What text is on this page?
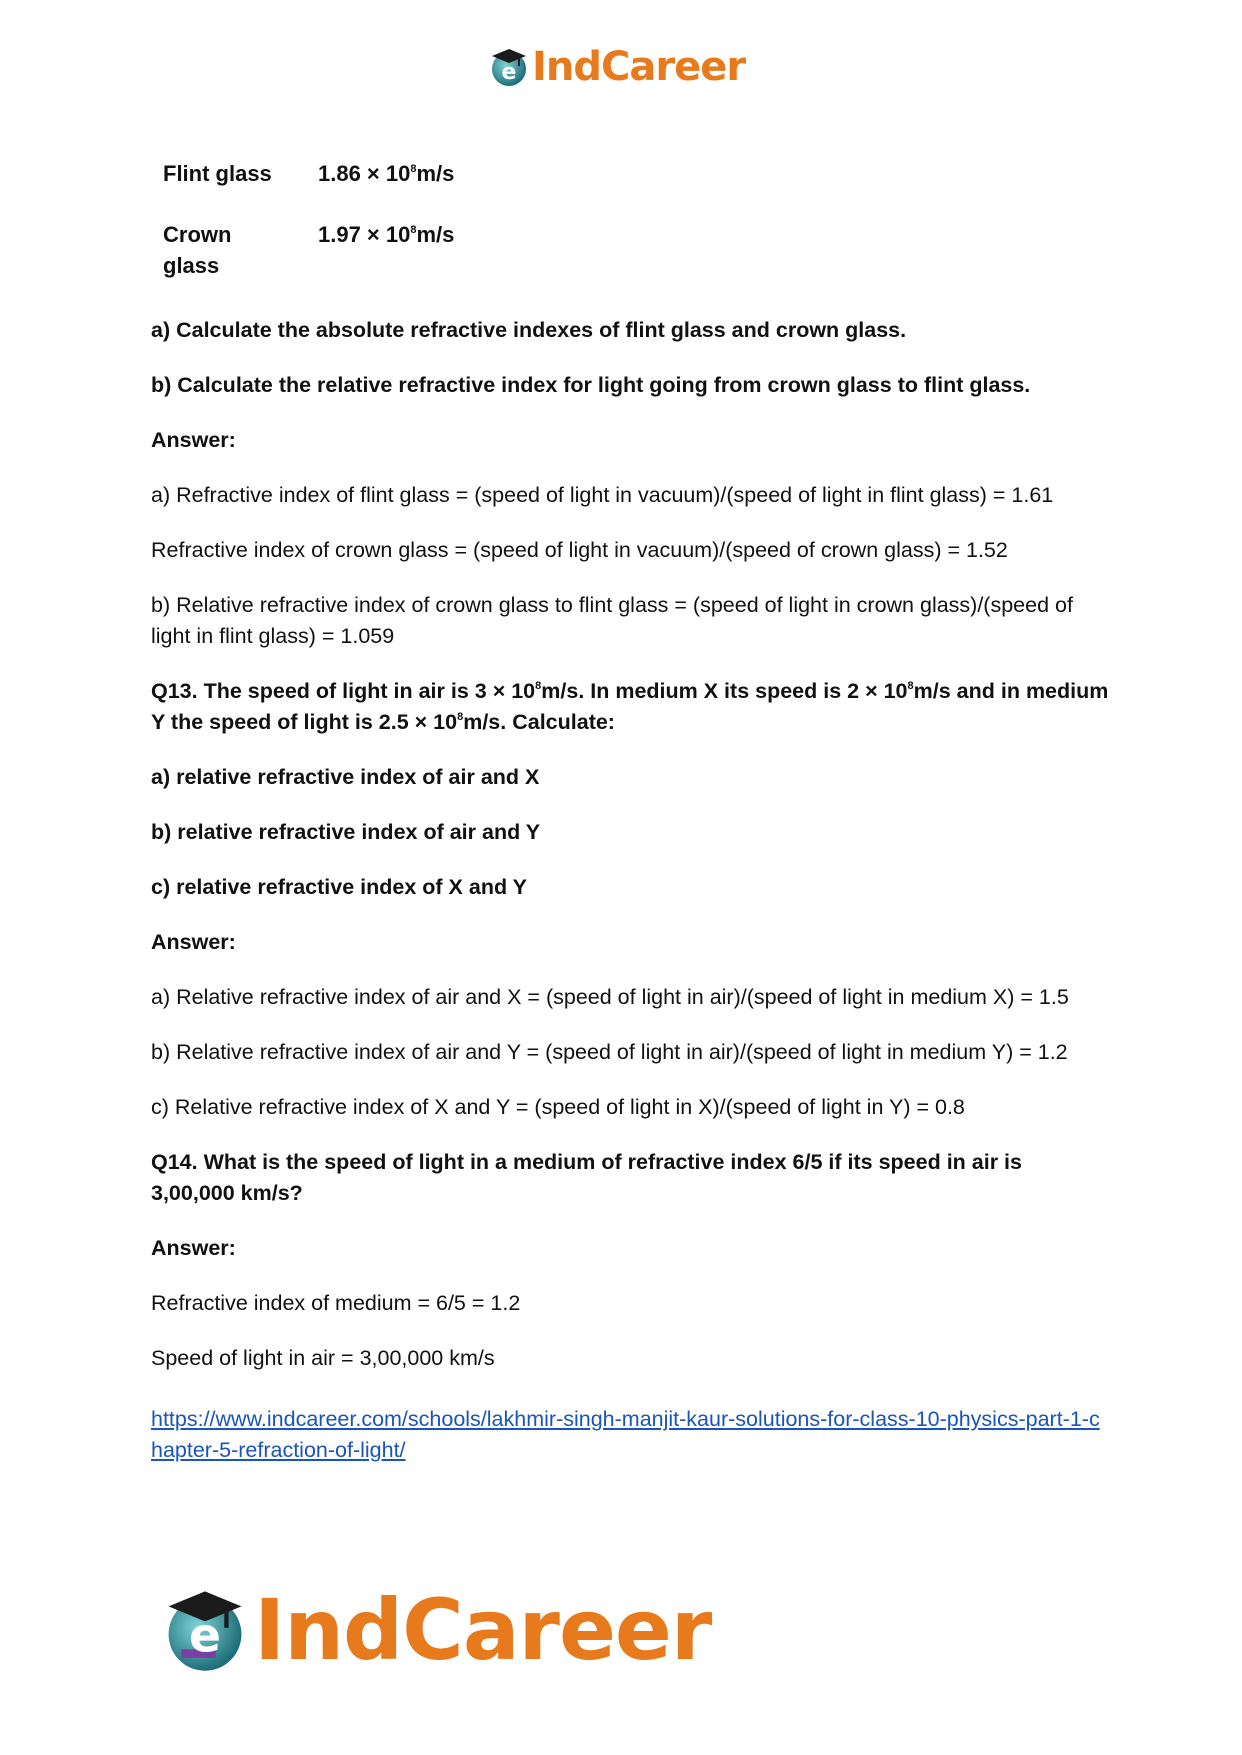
e IndCareer
Flint glass	$1.86 \times 10^8m/s$
Crown glass	$1.97 \times 10^8m/s$

a) Calculate the absolute refractive indexes of flint glass and crown glass.

b) Calculate the relative refractive index for light going from crown glass to flint glass.

Answer:

a) Refractive index of flint glass = (speed of light in vacuum)/(speed of light in flint glass) = 1.61

Refractive index of crown glass = (speed of light in vacuum)/(speed of crown glass) = 1.52

b) Relative refractive index of crown glass to flint glass = (speed of light in crown glass)/(speed of light in flint glass) = 1.059

Q13. The speed of light in air is $3 \times 10^8m/s$. In medium X its speed is $2 \times 10^8m/s$ and in medium Y the speed of light is $2.5 \times 10^8m/s$. Calculate:

a) relative refractive index of air and X

b) relative refractive index of air and Y

c) relative refractive index of X and Y

Answer:

a) Relative refractive index of air and X = (speed of light in air)/(speed of light in medium X) = 1.5

b) Relative refractive index of air and Y = (speed of light in air)/(speed of light in medium Y) = 1.2

c) Relative refractive index of X and Y = (speed of light in X)/(speed of light in Y) = 0.8

Q14. What is the speed of light in a medium of refractive index 6/5 if its speed in air is 3,00,000 km/s?

Answer:

Refractive index of medium = 6/5 = 1.2

Speed of light in air = 3,00,000 km/s

https://www.indcareer.com/schools/lakhmir-singh-manjit-kaur-solutions-for-class-10-physics-part-1-chapter-5-refraction-of-light/
e IndCareer
